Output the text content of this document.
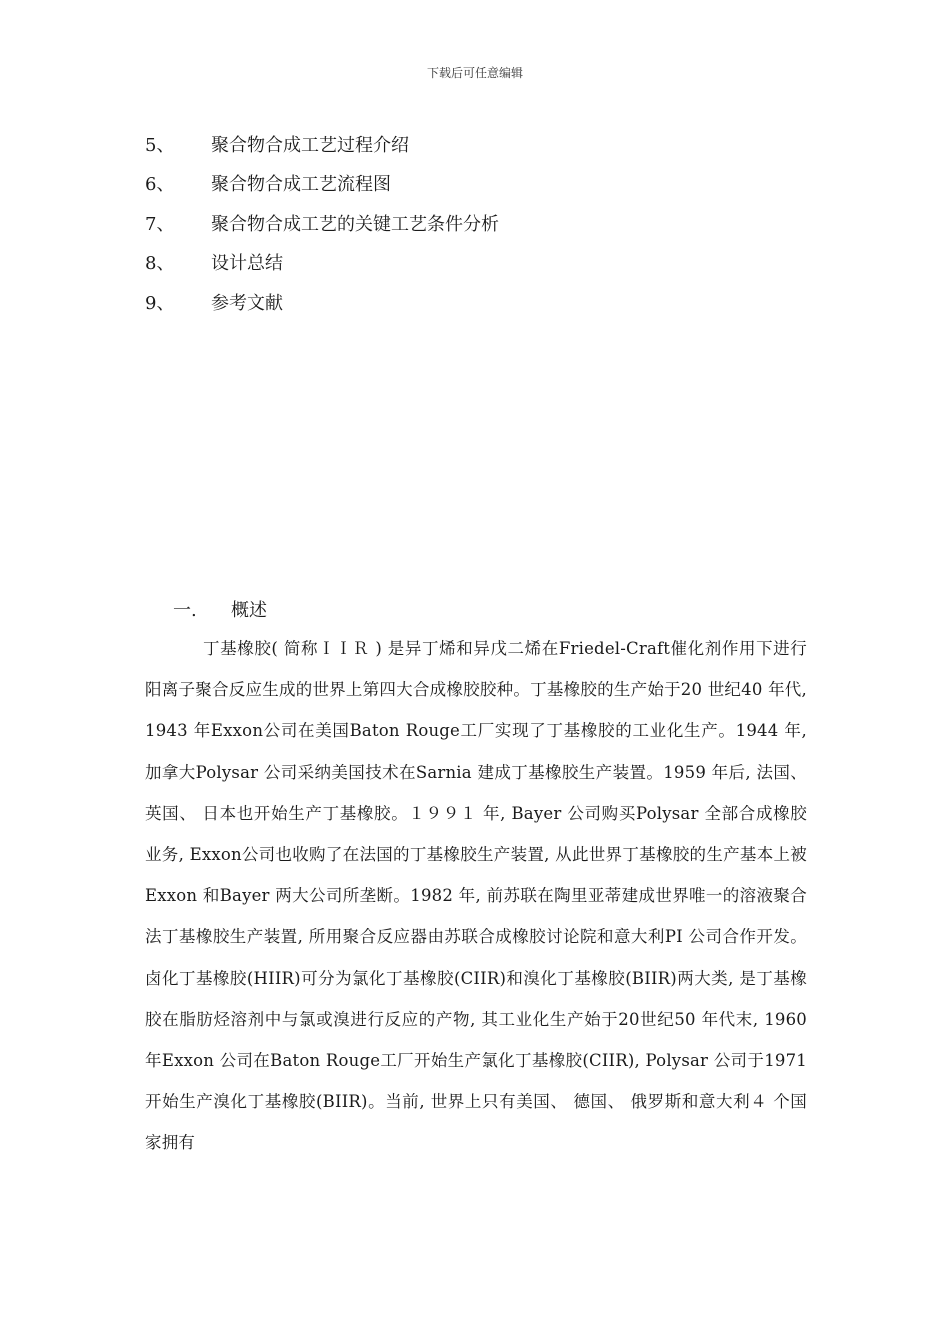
下载后可任意编辑
5、	聚合物合成工艺过程介绍
6、	聚合物合成工艺流程图
7、	聚合物合成工艺的关键工艺条件分析
8、	设计总结
9、	参考文献
一.	概述

丁基橡胶( 简称ＩＩＲ ) 是异丁烯和异戊二烯在Friedel-Craft催化剂作用下进行阳离子聚合反应生成的世界上第四大合成橡胶胶种。丁基橡胶的生产始于20 世纪40 年代, 1943 年Exxon公司在美国Baton Rouge工厂实现了丁基橡胶的工业化生产。1944 年, 加拿大Polysar 公司采纳美国技术在Sarnia 建成丁基橡胶生产装置。1959 年后, 法国、 英国、 日本也开始生产丁基橡胶。１９９１ 年, Bayer 公司购买Polysar 全部合成橡胶业务, Exxon公司也收购了在法国的丁基橡胶生产装置, 从此世界丁基橡胶的生产基本上被Exxon 和Bayer 两大公司所垄断。1982 年, 前苏联在陶里亚蒂建成世界唯一的溶液聚合法丁基橡胶生产装置, 所用聚合反应器由苏联合成橡胶讨论院和意大利PI 公司合作开发。卤化丁基橡胶(HIIR)可分为氯化丁基橡胶(CIIR)和溴化丁基橡胶(BIIR)两大类, 是丁基橡胶在脂肪烃溶剂中与氯或溴进行反应的产物, 其工业化生产始于20世纪50 年代末, 1960 年Exxon 公司在Baton Rouge工厂开始生产氯化丁基橡胶(CIIR), Polysar 公司于1971 开始生产溴化丁基橡胶(BIIR)。当前, 世界上只有美国、 德国、 俄罗斯和意大利４ 个国家拥有
